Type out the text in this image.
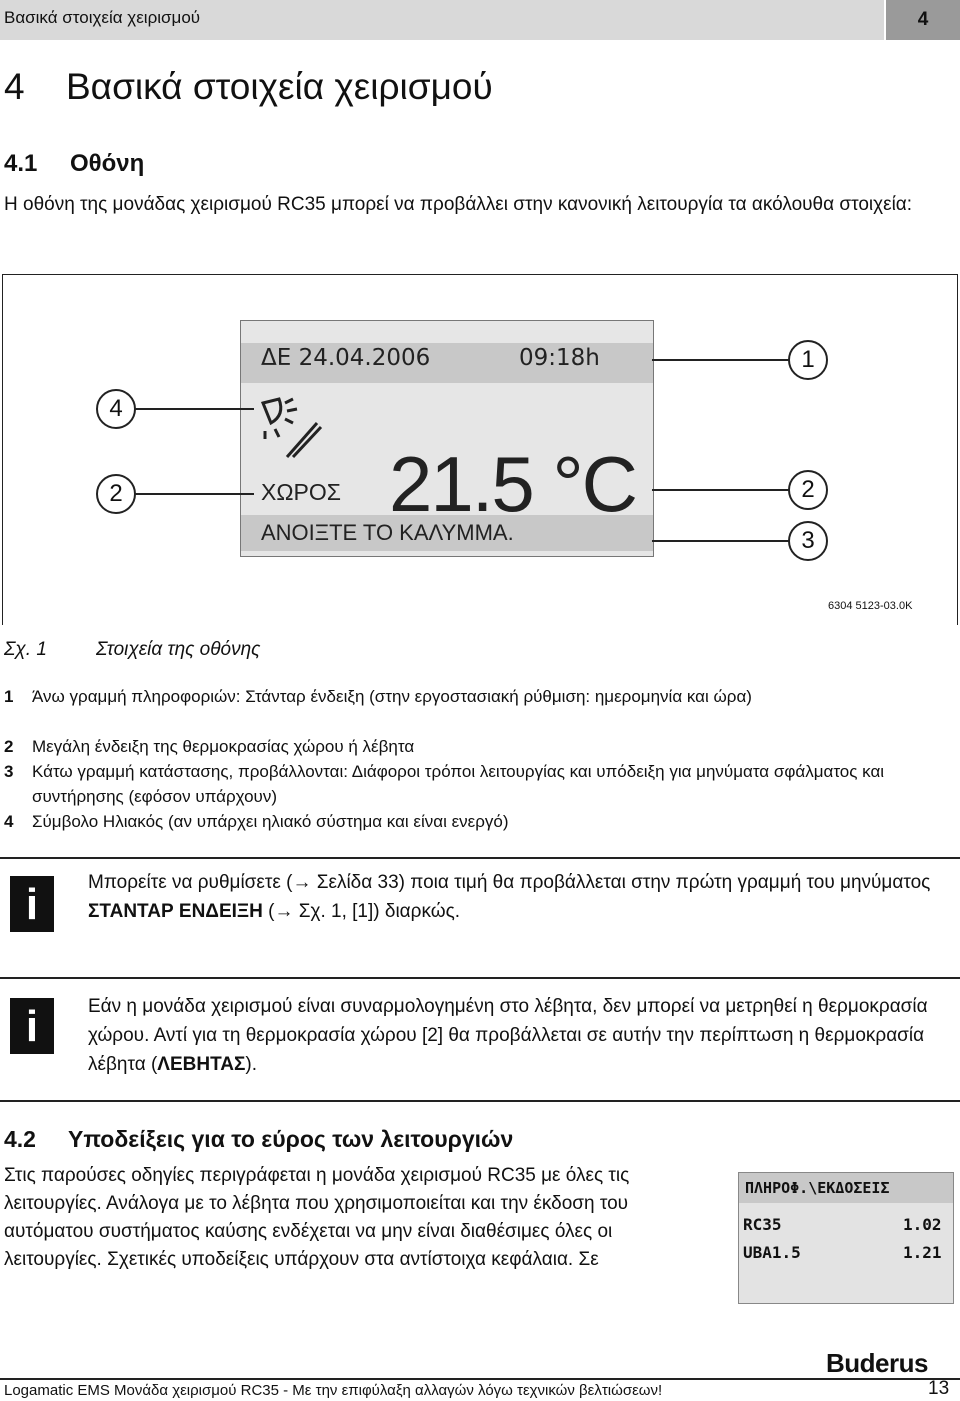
Βασικά στοιχεία χειρισμού	4
4 Βασικά στοιχεία χειρισμού
4.1 Οθόνη
Η οθόνη της μονάδας χειρισμού RC35 μπορεί να προβάλλει στην κανονική λειτουργία τα ακόλουθα στοιχεία:
ΔΕ 24.04.2006	09:18h
ΧΩΡΟΣ 21.5 °C
ΑΝΟΙΞΤΕ ΤΟ ΚΑΛΥΜΜΑ.
1
4
2	2
3
6304 5123-03.0K
Σχ. 1	Στοιχεία της οθόνης
1 Άνω γραμμή πληροφοριών: Στάνταρ ένδειξη (στην εργοστασιακή ρύθμιση: ημερομηνία και ώρα)
2 Μεγάλη ένδειξη της θερμοκρασίας χώρου ή λέβητα
3 Κάτω γραμμή κατάστασης, προβάλλονται: Διάφοροι τρόποι λειτουργίας και υπόδειξη για μηνύματα σφάλματος και συντήρησης (εφόσον υπάρχουν)
4 Σύμβολο Ηλιακός (αν υπάρχει ηλιακό σύστημα και είναι ενεργό)
i	Μπορείτε να ρυθμίσετε (→ Σελίδα 33) ποια τιμή θα προβάλλεται στην πρώτη γραμμή του μηνύματος ΣΤΑΝΤΑΡ ΕΝΔΕΙΞΗ (→ Σχ. 1, [1]) διαρκώς.
i	Εάν η μονάδα χειρισμού είναι συναρμολογημένη στο λέβητα, δεν μπορεί να μετρηθεί η θερμοκρασία χώρου. Αντί για τη θερμοκρασία χώρου [2] θα προβάλλεται σε αυτήν την περίπτωση η θερμοκρασία λέβητα (ΛΕΒΗΤΑΣ).
4.2 Υποδείξεις για το εύρος των λειτουργιών
Στις παρούσες οδηγίες περιγράφεται η μονάδα χειρισμού RC35 με όλες τις λειτουργίες. Ανάλογα με το λέβητα που χρησιμοποιείται και την έκδοση του αυτόματου συστήματος καύσης ενδέχεται να μην είναι διαθέσιμες όλες οι λειτουργίες. Σχετικές υποδείξεις υπάρχουν στα αντίστοιχα κεφάλαια. Σε
ΠΛΗΡΟΦ.\ΕΚΔΟΣΕΙΣ
RC35	1.02
UBA1.5	1.21
Buderus
Logamatic EMS Μονάδα χειρισμού RC35 - Με την επιφύλαξη αλλαγών λόγω τεχνικών βελτιώσεων!	13
